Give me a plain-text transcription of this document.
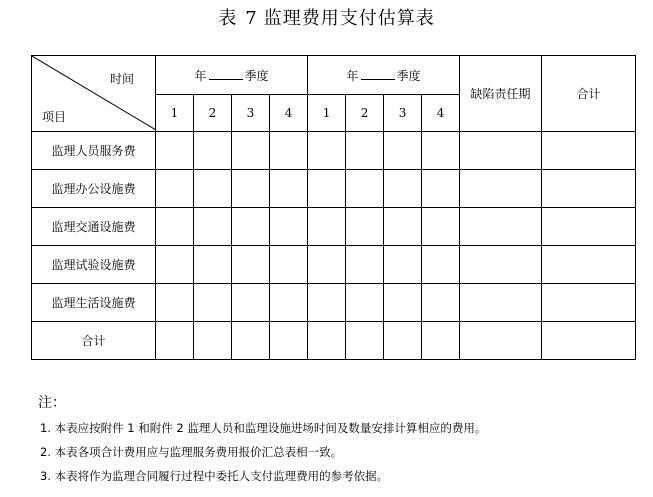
表 7 监理费用支付估算表
时间
项目	年 季度				年 季度				缺陷责任期	合计
	1	2	3	4	1	2	3	4		
监理人员服务费										
监理办公设施费										
监理交通设施费										
监理试验设施费										
监理生活设施费										
合计										
注：
1. 本表应按附件 1 和附件 2 监理人员和监理设施进场时间及数量安排计算相应的费用。
2. 本表各项合计费用应与监理服务费用报价汇总表相一致。
3. 本表将作为监理合同履行过程中委托人支付监理费用的参考依据。
